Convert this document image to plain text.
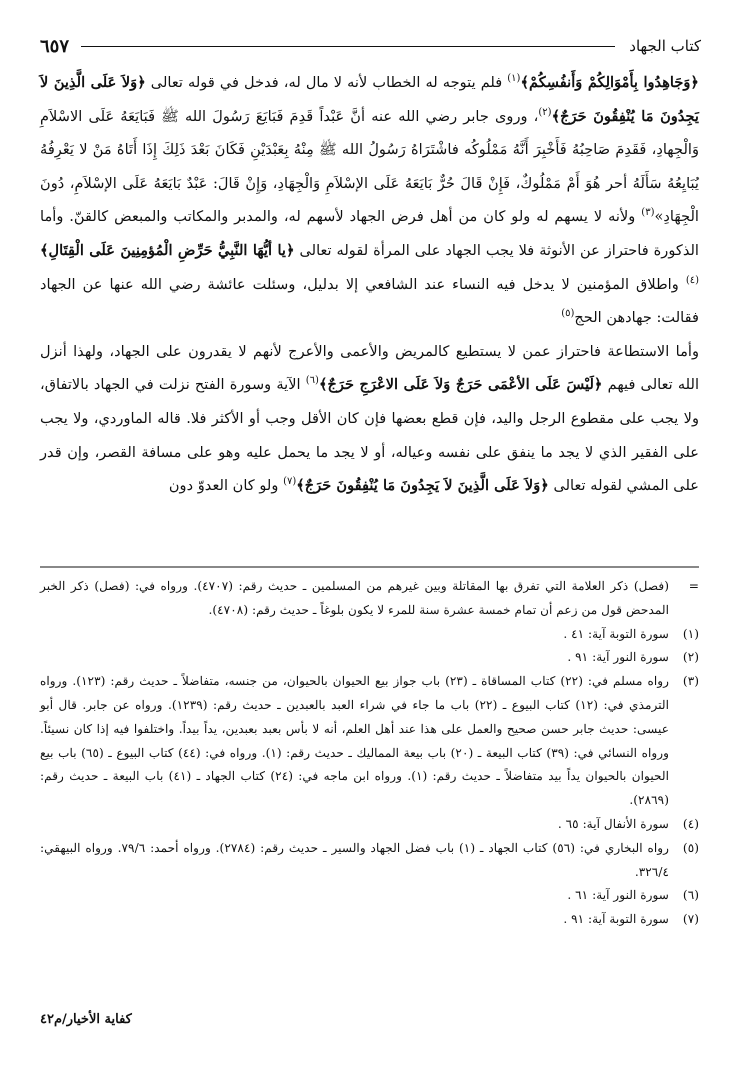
كتاب الجهاد
٦٥٧

﴿وَجَاهِدُوا بِأَمْوَالِكُمْ وَأَنفُسِكُمْ﴾$^{(١)}$ فلم يتوجه له الخطاب لأنه لا مال له، فدخل في قوله تعالى ﴿وَلاَ عَلَى الَّذِينَ لاَ يَجِدُونَ مَا يُنْفِقُونَ حَرَجٌ﴾$^{(٢)}$، وروى جابر رضي الله عنه أنَّ عَبْداً قَدِمَ فَبَايَعَ رَسُولَ الله ﷺ فَبَايَعَهُ عَلَى الاسْلاَمِ وَالْجِهادِ، فَقَدِمَ صَاحِبُهُ فَأَخْبِرَ أَنَّهُ مَمْلُوكُه فاشْتَرَاهُ رَسُولُ الله ﷺ مِنْهُ بِعَبْدَيْنِ فَكَانَ بَعْدَ ذَلِكَ إِذَا أَتَاهُ مَنْ لا يَعْرِفُهُ يُبَايِعُهُ سَأَلَهُ أحر هُوَ أَمْ مَمْلُوكٌ، فَإِنْ قَالَ حُرٌّ بَايَعَهُ عَلَى الإسْلاَمِ وَالْجِهَادِ، وَإِنْ قَالَ: عَبْدٌ بَايَعَهُ عَلَى الإسْلاَمِ، دُونَ الْجِهَادِ»$^{(٣)}$ ولأنه لا يسهم له ولو كان من أهل فرض الجهاد لأسهم له، والمدبر والمكاتب والمبعض كالقنّ. وأما الذكورة فاحتراز عن الأنوثة فلا يجب الجهاد على المرأة لقوله تعالى ﴿يا أيُّهَا النَّبِيُّ حَرِّضِ الْمُؤمِنِينَ عَلَى الْقِتَالِ﴾$^{(٤)}$ واطلاق المؤمنين لا يدخل فيه النساء عند الشافعي إلا بدليل، وسئلت عائشة رضي الله عنها عن الجهاد فقالت: جهادهن الحج$^{(٥)}$

وأما الاستطاعة فاحتراز عمن لا يستطيع كالمريض والأعمى والأعرج لأنهم لا يقدرون على الجهاد، ولهذا أنزل الله تعالى فيهم ﴿لَيْسَ عَلَى الأعْمَى حَرَجٌ وَلاَ عَلَى الاعْرَجِ حَرَجٌ﴾$^{(٦)}$ الآية وسورة الفتح نزلت في الجهاد بالاتفاق، ولا يجب على مقطوع الرجل واليد، فإن قطع بعضها فإن كان الأقل وجب أو الأكثر فلا. قاله الماوردي، ولا يجب على الفقير الذي لا يجد ما ينفق على نفسه وعياله، أو لا يجد ما يحمل عليه وهو على مسافة القصر، وإن قدر على المشي لقوله تعالى ﴿وَلاَ عَلَى الَّذِينَ لاَ يَجِدُونَ مَا يُنْفِقُونَ حَرَجٌ﴾$^{(٧)}$ ولو كان العدوّ دون

=
(فصل) ذكر العلامة التي تفرق بها المقاتلة وبين غيرهم من المسلمين ـ حديث رقم: (٤٧٠٧). ورواه في: (فصل) ذكر الخبر المدحض قول من زعم أن تمام خمسة عشرة سنة للمرء لا يكون بلوغاً ـ حديث رقم: (٤٧٠٨).
(١)
سورة التوبة آية: ٤١ .
(٢)
سورة النور آية: ٩١ .
(٣)
رواه مسلم في: (٢٢) كتاب المساقاة ـ (٢٣) باب جواز بيع الحيوان بالحيوان، من جنسه، متفاضلاً ـ حديث رقم: (١٢٣). ورواه الترمذي في: (١٢) كتاب البيوع ـ (٢٢) باب ما جاء في شراء العبد بالعبدين ـ حديث رقم: (١٢٣٩). ورواه عن جابر. قال أبو عيسى: حديث جابر حسن صحيح والعمل على هذا عند أهل العلم، أنه لا بأس بعبد بعبدين، يداً بيداً. واختلفوا فيه إذا كان نسيئاً. ورواه النسائي في: (٣٩) كتاب البيعة ـ (٢٠) باب بيعة المماليك ـ حديث رقم: (١). ورواه في: (٤٤) كتاب البيوع ـ (٦٥) باب بيع الحيوان بالحيوان يداً بيد متفاضلاً ـ حديث رقم: (١). ورواه ابن ماجه في: (٢٤) كتاب الجهاد ـ (٤١) باب البيعة ـ حديث رقم: (٢٨٦٩).
(٤)
سورة الأنفال آية: ٦٥ .
(٥)
رواه البخاري في: (٥٦) كتاب الجهاد ـ (١) باب فضل الجهاد والسير ـ حديث رقم: (٢٧٨٤). ورواه أحمد: ٧٩/٦. ورواه البيهقي: ٣٢٦/٤.
(٦)
سورة النور آية: ٦١ .
(٧)
سورة التوبة آية: ٩١ .
كفاية الأخيار/م٤٢
